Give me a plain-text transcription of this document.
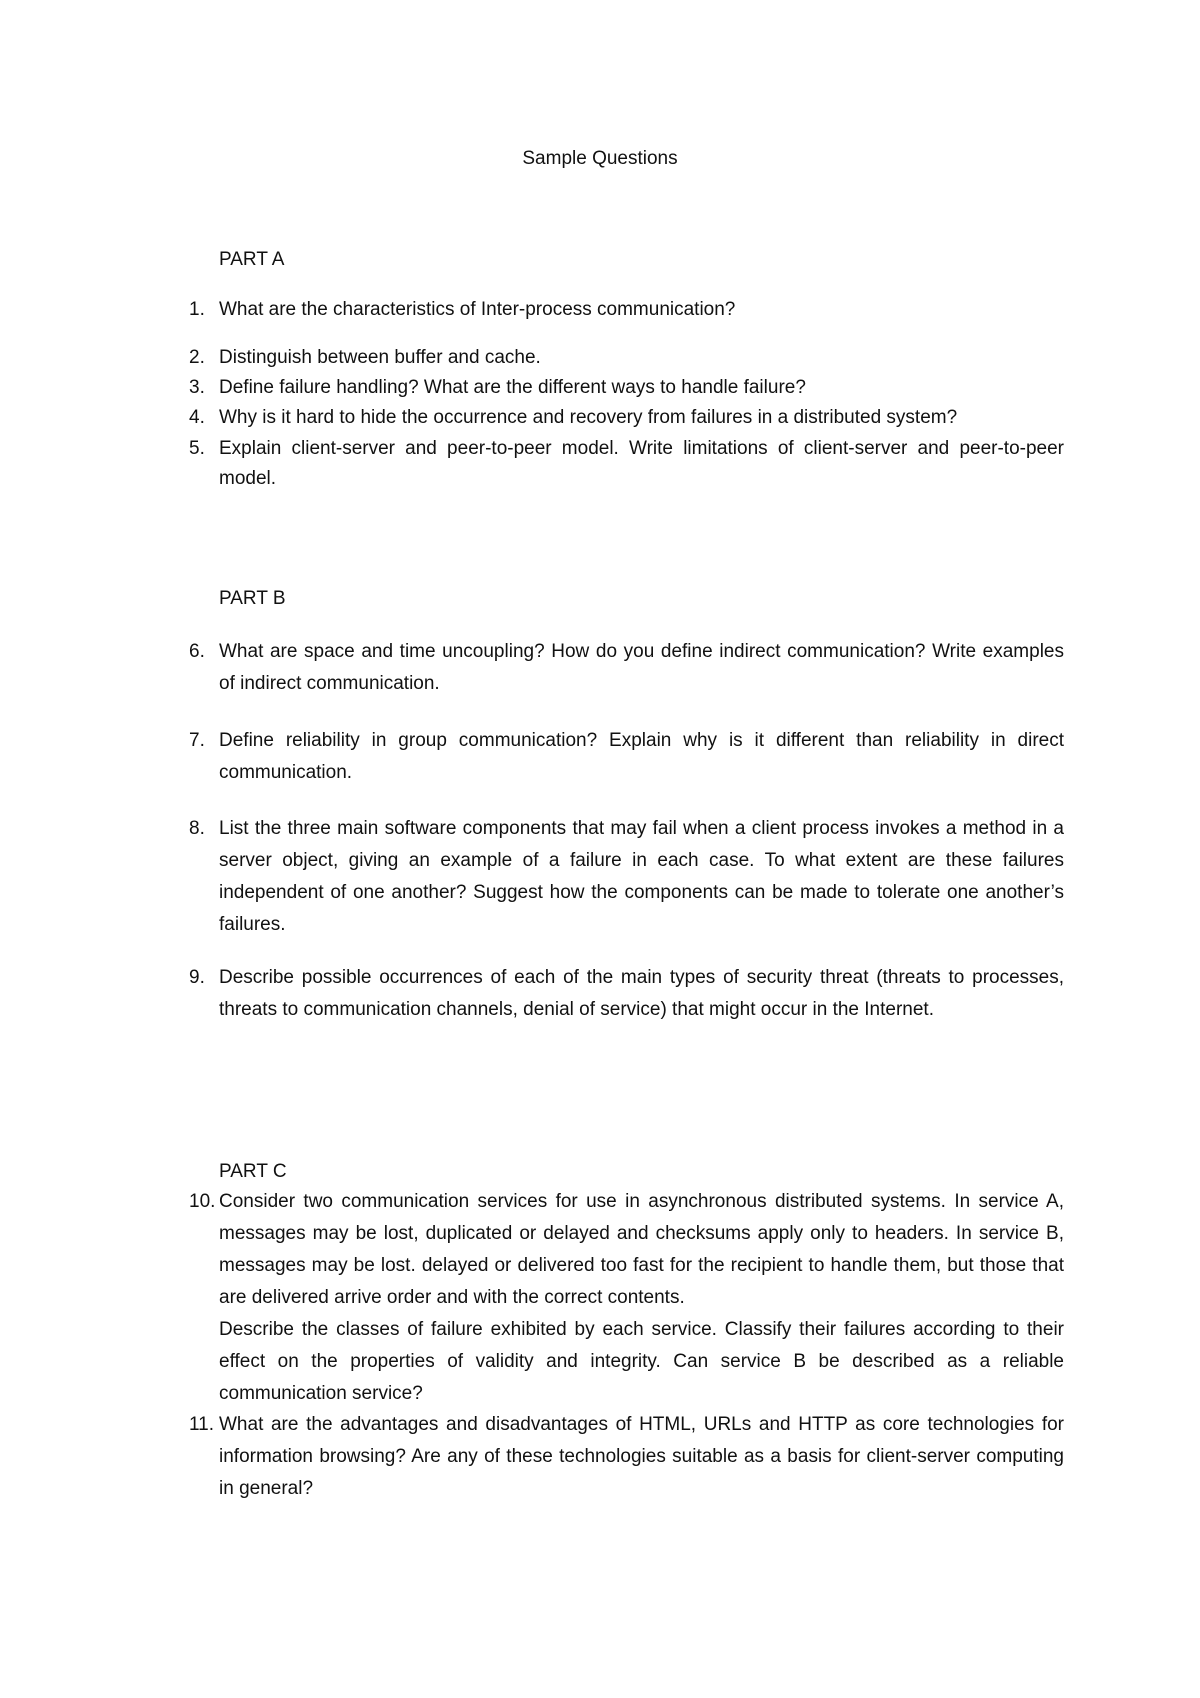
Sample Questions
PART A
1. What are the characteristics of Inter-process communication?

2. Distinguish between buffer and cache.

3. Define failure handling? What are the different ways to handle failure?

4. Why is it hard to hide the occurrence and recovery from failures in a distributed system?

5. Explain client-server and peer-to-peer model. Write limitations of client-server and peer-to-peer model.

PART B
6. What are space and time uncoupling? How do you define indirect communication? Write examples of indirect communication.

7. Define reliability in group communication? Explain why is it different than reliability in direct communication.

8. List the three main software components that may fail when a client process invokes a method in a server object, giving an example of a failure in each case. To what extent are these failures independent of one another? Suggest how the components can be made to tolerate one another’s failures.

9. Describe possible occurrences of each of the main types of security threat (threats to processes, threats to communication channels, denial of service) that might occur in the Internet.

PART C
10. Consider two communication services for use in asynchronous distributed systems. In service A, messages may be lost, duplicated or delayed and checksums apply only to headers. In service B, messages may be lost. delayed or delivered too fast for the recipient to handle them, but those that are delivered arrive order and with the correct contents.

Describe the classes of failure exhibited by each service. Classify their failures according to their effect on the properties of validity and integrity. Can service B be described as a reliable communication service?

11. What are the advantages and disadvantages of HTML, URLs and HTTP as core technologies for information browsing? Are any of these technologies suitable as a basis for client-server computing in general?
